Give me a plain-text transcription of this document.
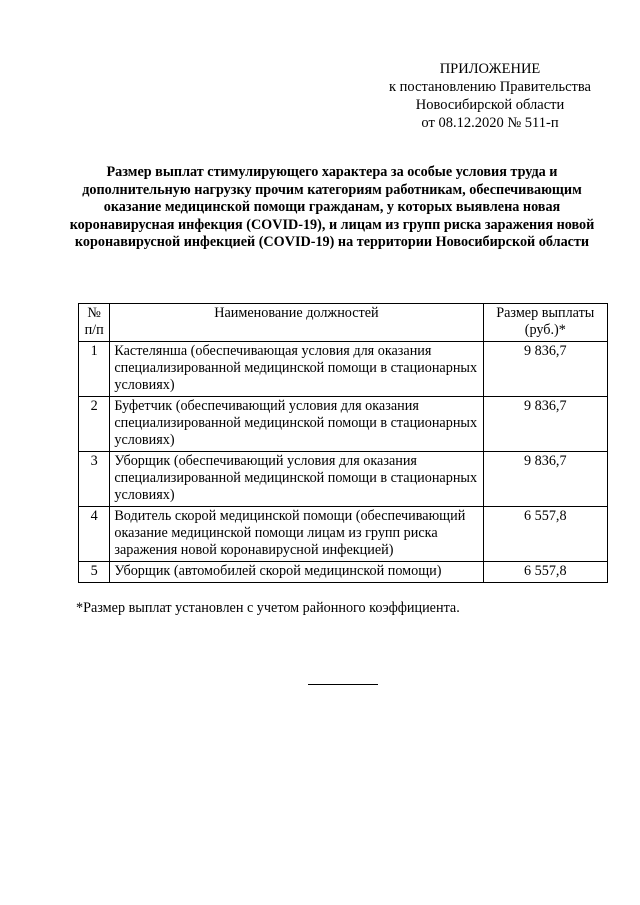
ПРИЛОЖЕНИЕ
к постановлению Правительства
Новосибирской области
от 08.12.2020 № 511-п
Размер выплат стимулирующего характера за особые условия труда и дополнительную нагрузку прочим категориям работникам, обеспечивающим оказание медицинской помощи гражданам, у которых выявлена новая коронавирусная инфекция (COVID-19), и лицам из групп риска заражения новой коронавирусной инфекцией (COVID-19) на территории Новосибирской области
№ п/п	Наименование должностей	Размер выплаты (руб.)*
1	Кастелянша (обеспечивающая условия для оказания специализированной медицинской помощи в стационарных условиях)	9 836,7
2	Буфетчик (обеспечивающий условия для оказания специализированной медицинской помощи в стационарных условиях)	9 836,7
3	Уборщик (обеспечивающий условия для оказания специализированной медицинской помощи в стационарных условиях)	9 836,7
4	Водитель скорой медицинской помощи (обеспечивающий оказание медицинской помощи лицам из групп риска заражения новой коронавирусной инфекцией)	6 557,8
5	Уборщик (автомобилей скорой медицинской помощи)	6 557,8
*Размер выплат установлен с учетом районного коэффициента.
